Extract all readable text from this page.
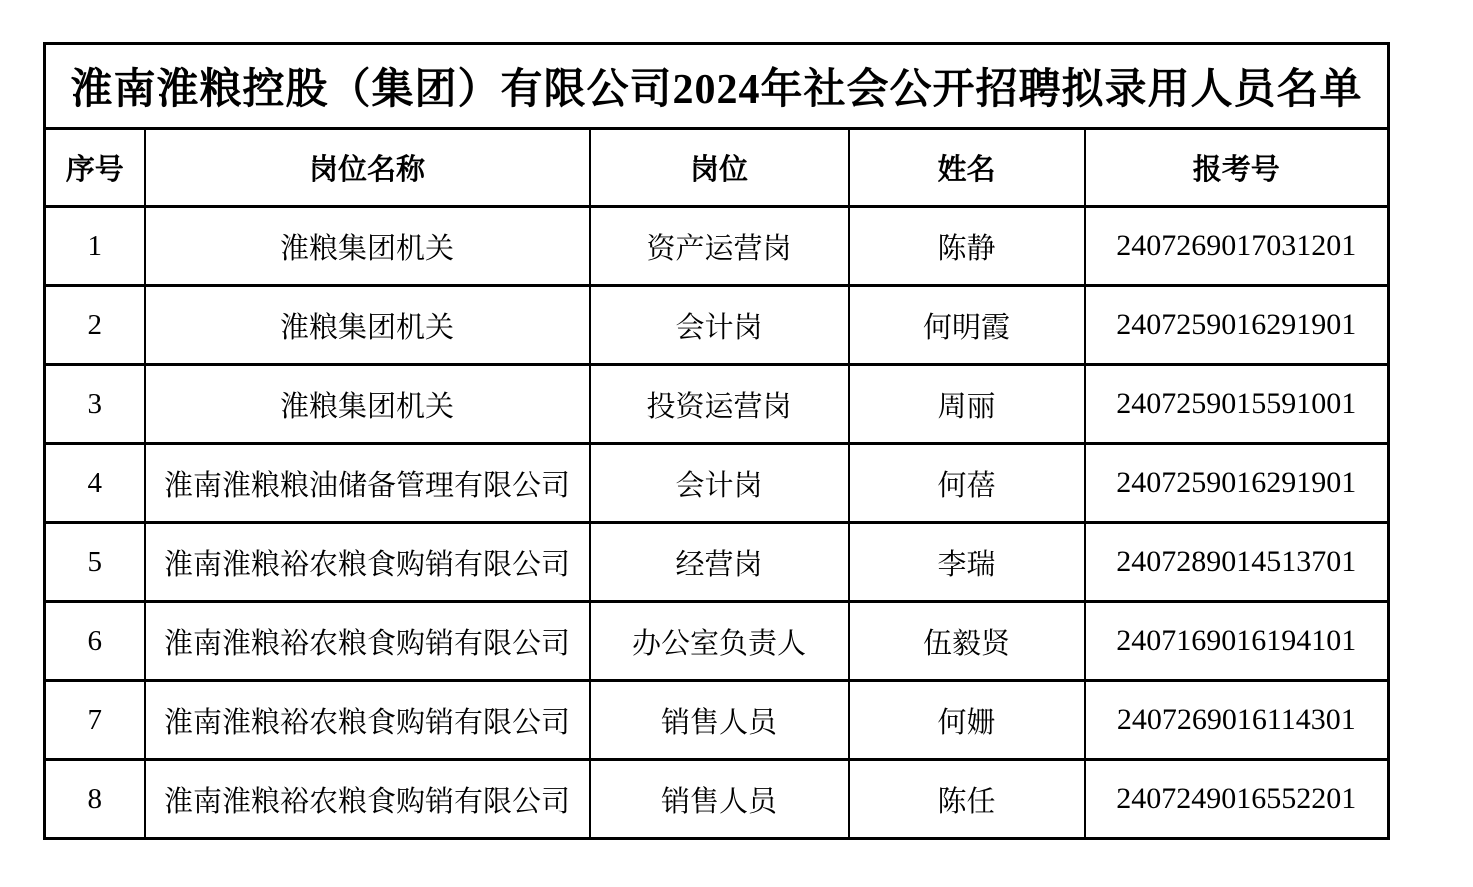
淮南淮粮控股（集团）有限公司2024年社会公开招聘拟录用人员名单				
序号	岗位名称	岗位	姓名	报考号
1	淮粮集团机关	资产运营岗	陈静	2407269017031201
2	淮粮集团机关	会计岗	何明霞	2407259016291901
3	淮粮集团机关	投资运营岗	周丽	2407259015591001
4	淮南淮粮粮油储备管理有限公司	会计岗	何蓓	2407259016291901
5	淮南淮粮裕农粮食购销有限公司	经营岗	李瑞	2407289014513701
6	淮南淮粮裕农粮食购销有限公司	办公室负责人	伍毅贤	2407169016194101
7	淮南淮粮裕农粮食购销有限公司	销售人员	何姗	2407269016114301
8	淮南淮粮裕农粮食购销有限公司	销售人员	陈任	2407249016552201
